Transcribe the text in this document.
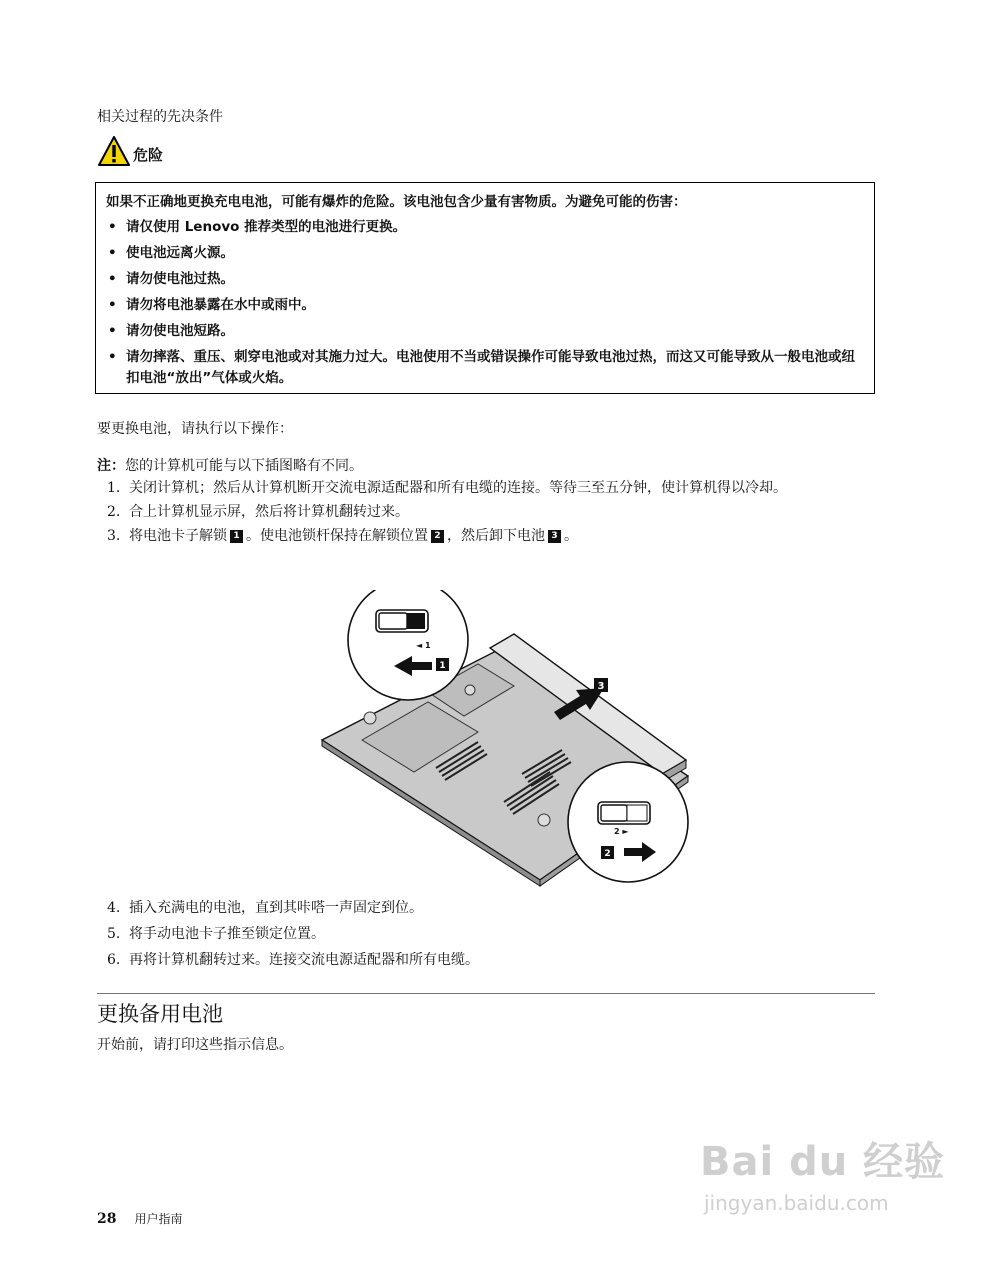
相关过程的先决条件
危险
如果不正确地更换充电电池，可能有爆炸的危险。该电池包含少量有害物质。为避免可能的伤害：
• 请仅使用 Lenovo 推荐类型的电池进行更换。
• 使电池远离火源。
• 请勿使电池过热。
• 请勿将电池暴露在水中或雨中。
• 请勿使电池短路。
• 请勿摔落、重压、刺穿电池或对其施力过大。电池使用不当或错误操作可能导致电池过热，而这又可能导致从一般电池或纽扣电池“放出”气体或火焰。
要更换电池，请执行以下操作：
注：您的计算机可能与以下插图略有不同。
1. 关闭计算机；然后从计算机断开交流电源适配器和所有电缆的连接。等待三至五分钟，使计算机得以冷却。
2. 合上计算机显示屏，然后将计算机翻转过来。
3. 将电池卡子解锁 1 。使电池锁杆保持在解锁位置 2 ，然后卸下电池 3 。
3
◄ 1
1
2 ►
2
4. 插入充满电的电池，直到其咔嗒一声固定到位。
5. 将手动电池卡子推至锁定位置。
6. 再将计算机翻转过来。连接交流电源适配器和所有电缆。
更换备用电池
开始前，请打印这些指示信息。
Bai du 经验
jingyan.baidu.com
28 用户指南
